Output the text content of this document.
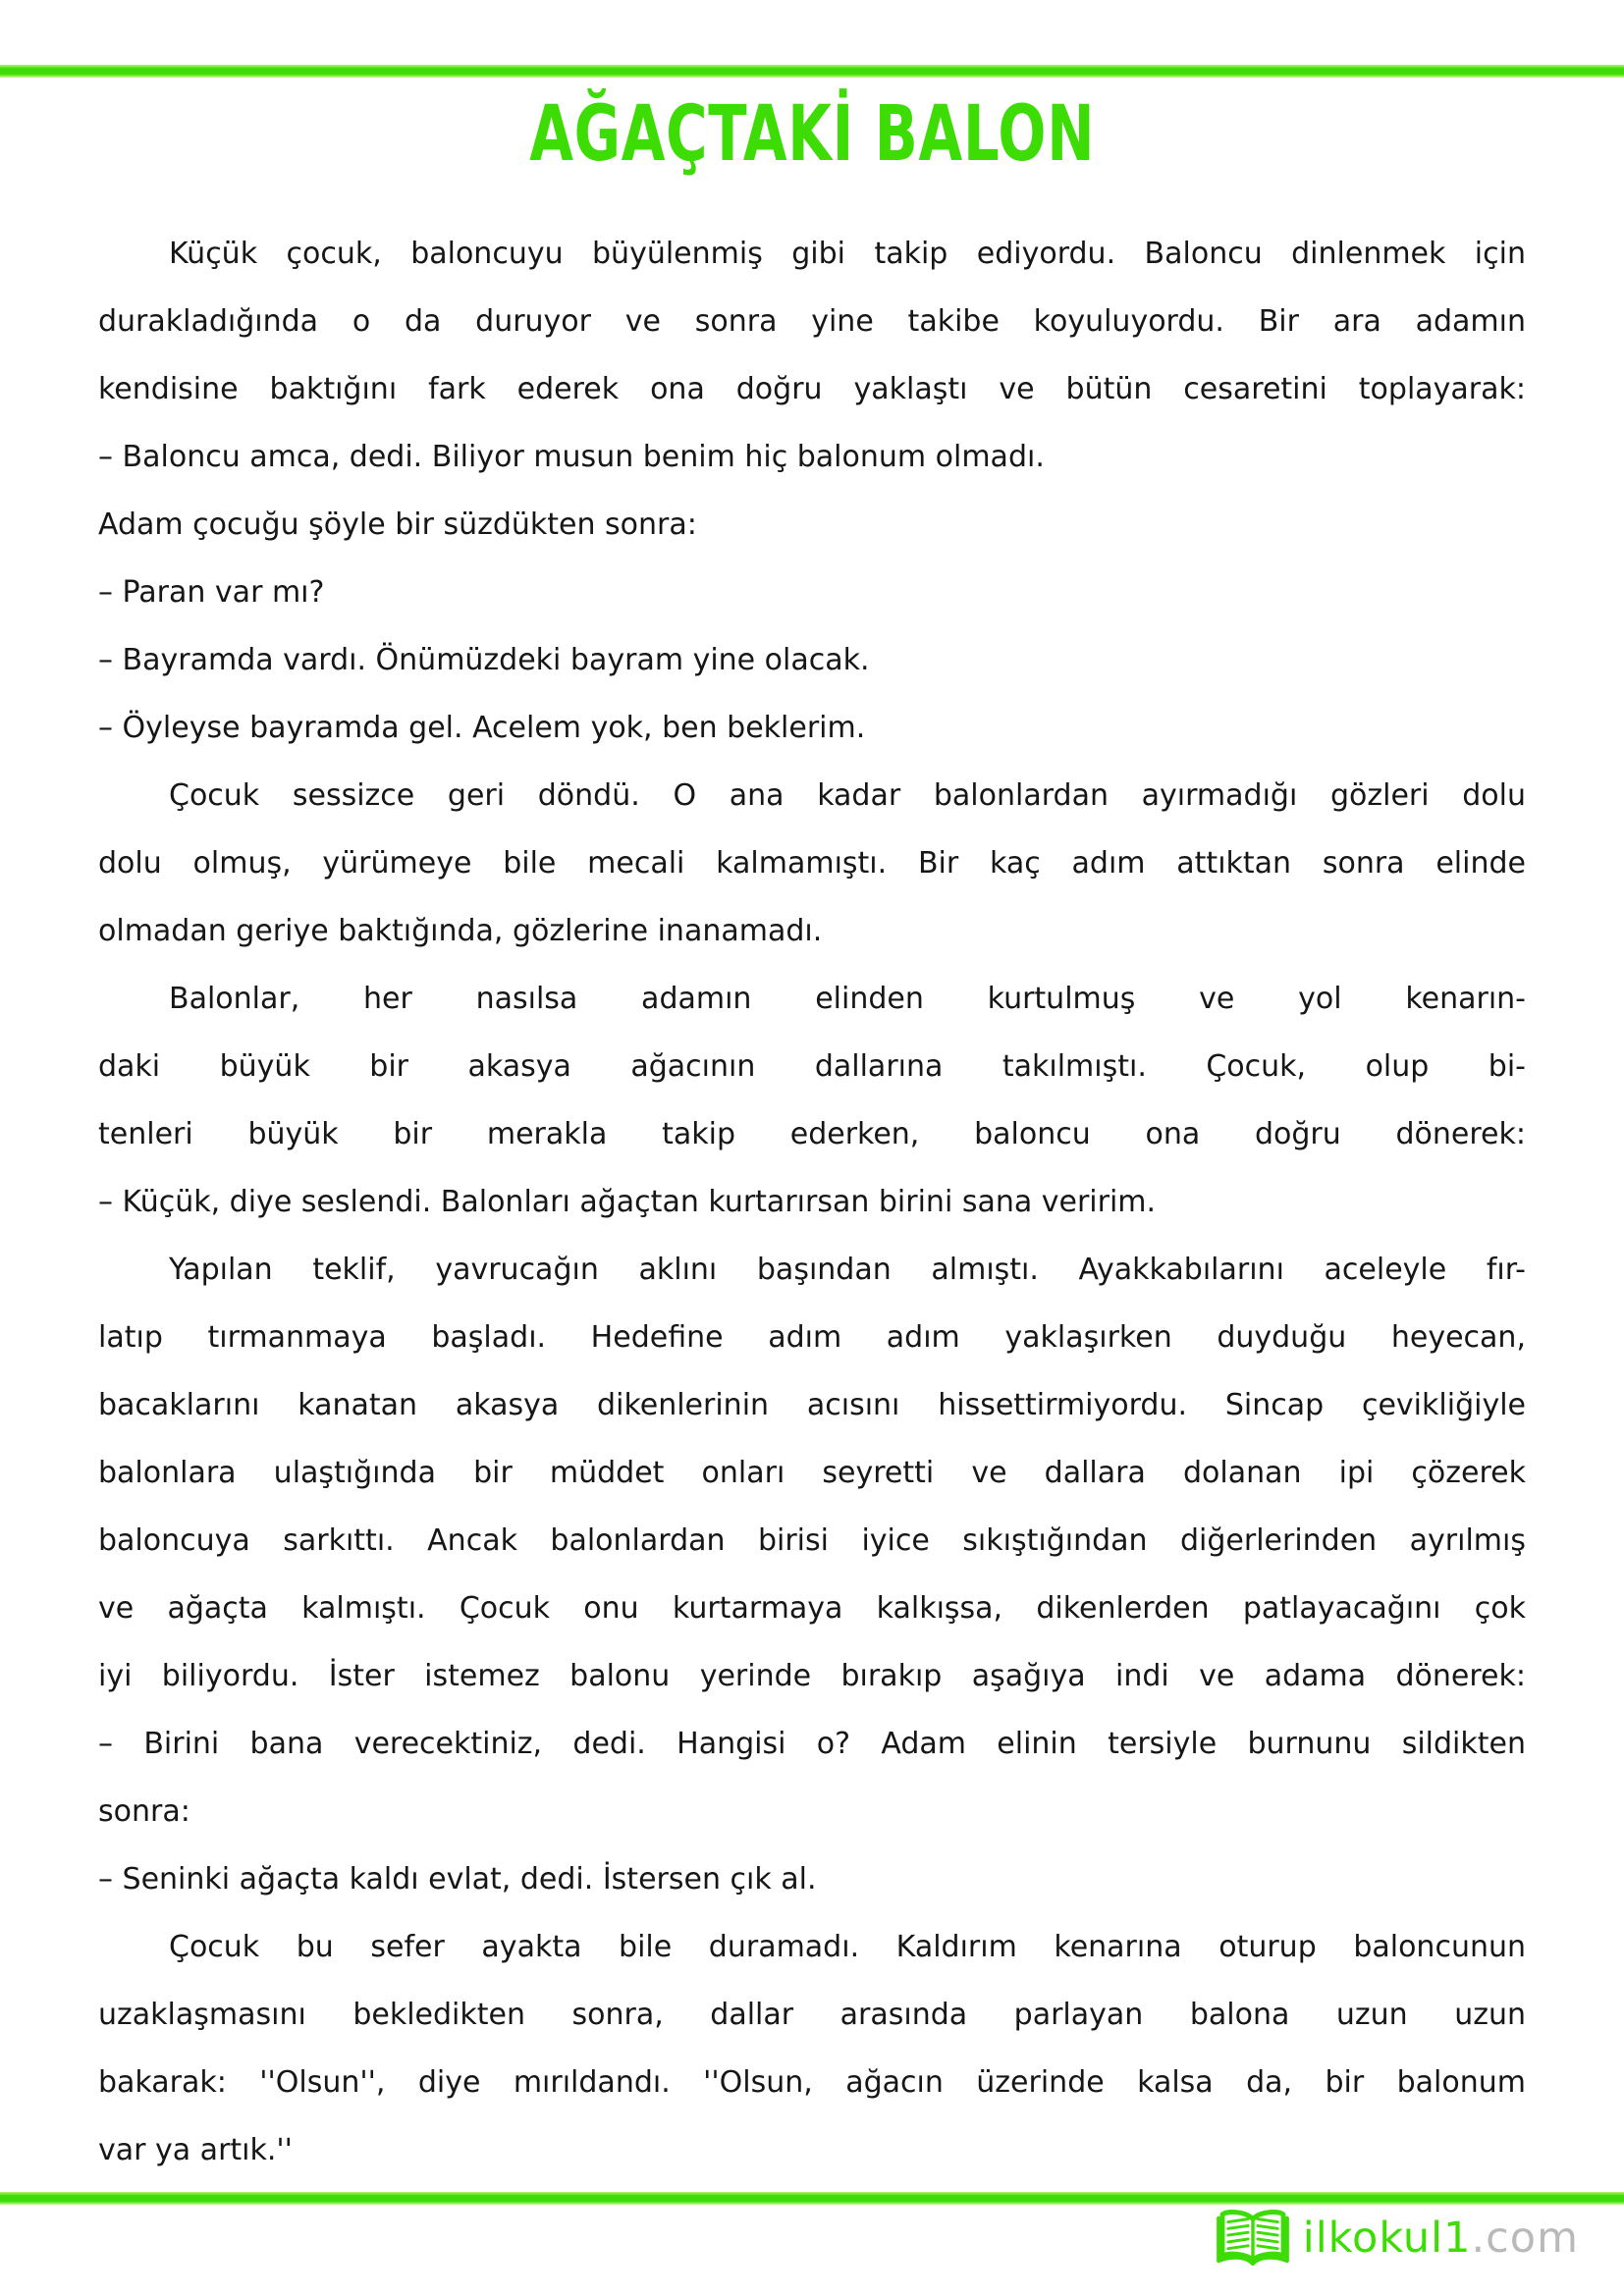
AĞAÇTAKİ BALON

Küçük çocuk, baloncuyu büyülenmiş gibi takip ediyordu. Baloncu dinlenmek için

durakladığında o da duruyor ve sonra yine takibe koyuluyordu. Bir ara adamın

kendisine baktığını fark ederek ona doğru yaklaştı ve bütün cesaretini toplayarak:

– Baloncu amca, dedi. Biliyor musun benim hiç balonum olmadı.

Adam çocuğu şöyle bir süzdükten sonra:

– Paran var mı?

– Bayramda vardı. Önümüzdeki bayram yine olacak.

– Öyleyse bayramda gel. Acelem yok, ben beklerim.

Çocuk sessizce geri döndü. O ana kadar balonlardan ayırmadığı gözleri dolu

dolu olmuş, yürümeye bile mecali kalmamıştı. Bir kaç adım attıktan sonra elinde

olmadan geriye baktığında, gözlerine inanamadı.

Balonlar, her nasılsa adamın elinden kurtulmuş ve yol kenarın-

daki büyük bir akasya ağacının dallarına takılmıştı. Çocuk, olup bi-

tenleri büyük bir merakla takip ederken, baloncu ona doğru dönerek:

– Küçük, diye seslendi. Balonları ağaçtan kurtarırsan birini sana veririm.

Yapılan teklif, yavrucağın aklını başından almıştı. Ayakkabılarını aceleyle fır-

latıp tırmanmaya başladı. Hedefine adım adım yaklaşırken duyduğu heyecan,

bacaklarını kanatan akasya dikenlerinin acısını hissettirmiyordu. Sincap çevikliğiyle

balonlara ulaştığında bir müddet onları seyretti ve dallara dolanan ipi çözerek

baloncuya sarkıttı. Ancak balonlardan birisi iyice sıkıştığından diğerlerinden ayrılmış

ve ağaçta kalmıştı. Çocuk onu kurtarmaya kalkışsa, dikenlerden patlayacağını çok

iyi biliyordu. İster istemez balonu yerinde bırakıp aşağıya indi ve adama dönerek:

– Birini bana verecektiniz, dedi. Hangisi o? Adam elinin tersiyle burnunu sildikten

sonra:

– Seninki ağaçta kaldı evlat, dedi. İstersen çık al.

Çocuk bu sefer ayakta bile duramadı. Kaldırım kenarına oturup baloncunun

uzaklaşmasını bekledikten sonra, dallar arasında parlayan balona uzun uzun

bakarak: ''Olsun'', diye mırıldandı. ''Olsun, ağacın üzerinde kalsa da, bir balonum

var ya artık.''

ilkokul1.com
